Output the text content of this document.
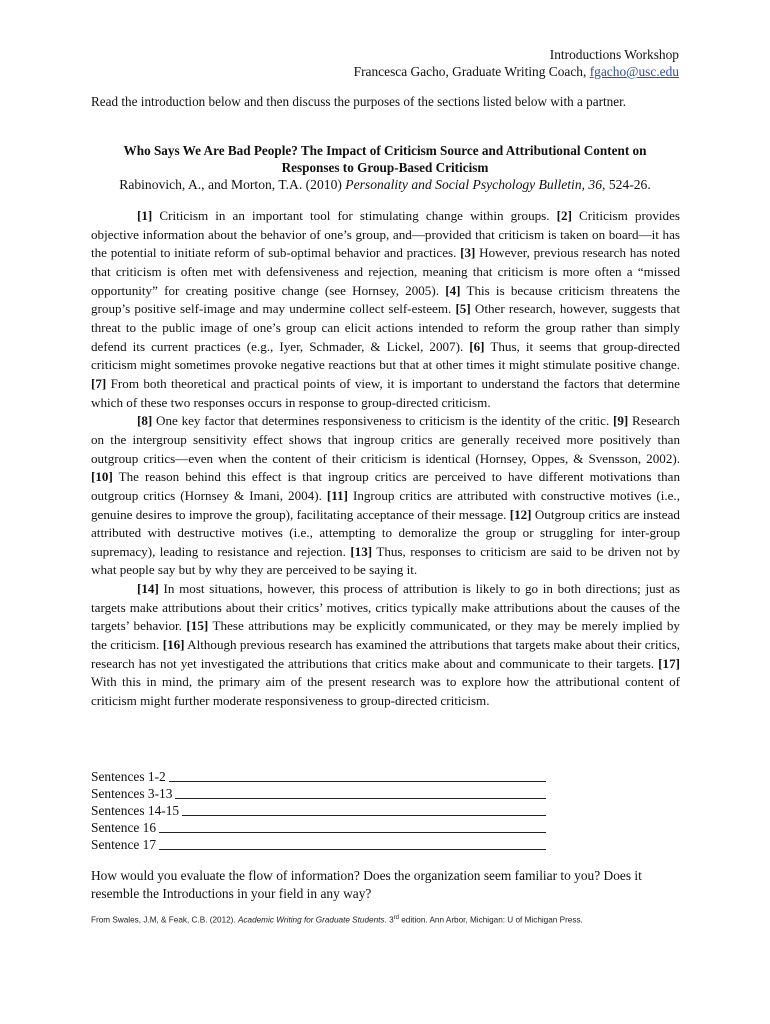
Introductions Workshop
Francesca Gacho, Graduate Writing Coach, fgacho@usc.edu
Read the introduction below and then discuss the purposes of the sections listed below with a partner.

Who Says We Are Bad People? The Impact of Criticism Source and Attributional Content on

Responses to Group-Based Criticism

Rabinovich, A., and Morton, T.A. (2010) Personality and Social Psychology Bulletin, 36, 524-26.

[1] Criticism in an important tool for stimulating change within groups. [2] Criticism provides objective information about the behavior of one’s group, and—provided that criticism is taken on board—it has the potential to initiate reform of sub-optimal behavior and practices. [3] However, previous research has noted that criticism is often met with defensiveness and rejection, meaning that criticism is more often a “missed opportunity” for creating positive change (see Hornsey, 2005). [4] This is because criticism threatens the group’s positive self-image and may undermine collect self-esteem. [5] Other research, however, suggests that threat to the public image of one’s group can elicit actions intended to reform the group rather than simply defend its current practices (e.g., Iyer, Schmader, & Lickel, 2007). [6] Thus, it seems that group-directed criticism might sometimes provoke negative reactions but that at other times it might stimulate positive change. [7] From both theoretical and practical points of view, it is important to understand the factors that determine which of these two responses occurs in response to group-directed criticism.

[8] One key factor that determines responsiveness to criticism is the identity of the critic. [9] Research on the intergroup sensitivity effect shows that ingroup critics are generally received more positively than outgroup critics—even when the content of their criticism is identical (Hornsey, Oppes, & Svensson, 2002). [10] The reason behind this effect is that ingroup critics are perceived to have different motivations than outgroup critics (Hornsey & Imani, 2004). [11] Ingroup critics are attributed with constructive motives (i.e., genuine desires to improve the group), facilitating acceptance of their message. [12] Outgroup critics are instead attributed with destructive motives (i.e., attempting to demoralize the group or struggling for inter-group supremacy), leading to resistance and rejection. [13] Thus, responses to criticism are said to be driven not by what people say but by why they are perceived to be saying it.

[14] In most situations, however, this process of attribution is likely to go in both directions; just as targets make attributions about their critics’ motives, critics typically make attributions about the causes of the targets’ behavior. [15] These attributions may be explicitly communicated, or they may be merely implied by the criticism. [16] Although previous research has examined the attributions that targets make about their critics, research has not yet investigated the attributions that critics make about and communicate to their targets. [17] With this in mind, the primary aim of the present research was to explore how the attributional content of criticism might further moderate responsiveness to group-directed criticism.

Sentences 1-2
Sentences 3-13
Sentences 14-15
Sentence 16
Sentence 17
How would you evaluate the flow of information? Does the organization seem familiar to you? Does it resemble the Introductions in your field in any way?
From Swales, J.M, & Feak, C.B. (2012). Academic Writing for Graduate Students. 3rd edition. Ann Arbor, Michigan: U of Michigan Press.
